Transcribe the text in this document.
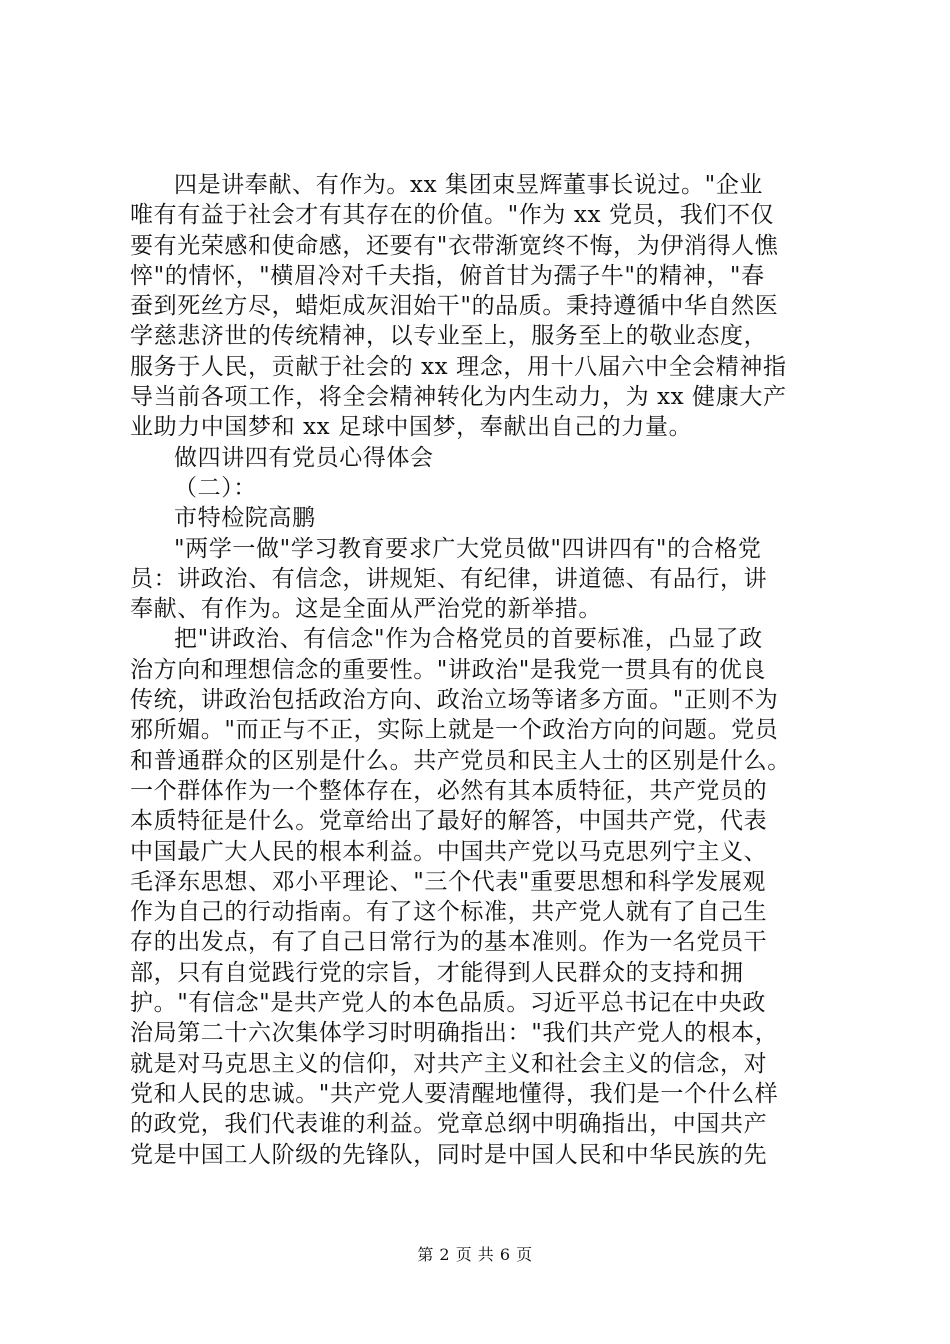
四是讲奉献、有作为。xx 集团束昱辉董事长说过。"企业
唯有有益于社会才有其存在的价值。"作为 xx 党员，我们不仅
要有光荣感和使命感，还要有"衣带渐宽终不悔，为伊消得人憔
悴"的情怀，"横眉冷对千夫指，俯首甘为孺子牛"的精神，"春
蚕到死丝方尽，蜡炬成灰泪始干"的品质。秉持遵循中华自然医
学慈悲济世的传统精神，以专业至上，服务至上的敬业态度，
服务于人民，贡献于社会的 xx 理念，用十八届六中全会精神指
导当前各项工作，将全会精神转化为内生动力，为 xx 健康大产
业助力中国梦和 xx 足球中国梦，奉献出自己的力量。
做四讲四有党员心得体会
（二）：
市特检院高鹏
"两学一做"学习教育要求广大党员做"四讲四有"的合格党
员：讲政治、有信念，讲规矩、有纪律，讲道德、有品行，讲
奉献、有作为。这是全面从严治党的新举措。
把"讲政治、有信念"作为合格党员的首要标准，凸显了政
治方向和理想信念的重要性。"讲政治"是我党一贯具有的优良
传统，讲政治包括政治方向、政治立场等诸多方面。"正则不为
邪所媚。"而正与不正，实际上就是一个政治方向的问题。党员
和普通群众的区别是什么。共产党员和民主人士的区别是什么。
一个群体作为一个整体存在，必然有其本质特征，共产党员的
本质特征是什么。党章给出了最好的解答，中国共产党，代表
中国最广大人民的根本利益。中国共产党以马克思列宁主义、
毛泽东思想、邓小平理论、"三个代表"重要思想和科学发展观
作为自己的行动指南。有了这个标准，共产党人就有了自己生
存的出发点，有了自己日常行为的基本准则。作为一名党员干
部，只有自觉践行党的宗旨，才能得到人民群众的支持和拥
护。"有信念"是共产党人的本色品质。习近平总书记在中央政
治局第二十六次集体学习时明确指出："我们共产党人的根本，
就是对马克思主义的信仰，对共产主义和社会主义的信念，对
党和人民的忠诚。"共产党人要清醒地懂得，我们是一个什么样
的政党，我们代表谁的利益。党章总纲中明确指出，中国共产
党是中国工人阶级的先锋队，同时是中国人民和中华民族的先
第 2 页 共 6 页
